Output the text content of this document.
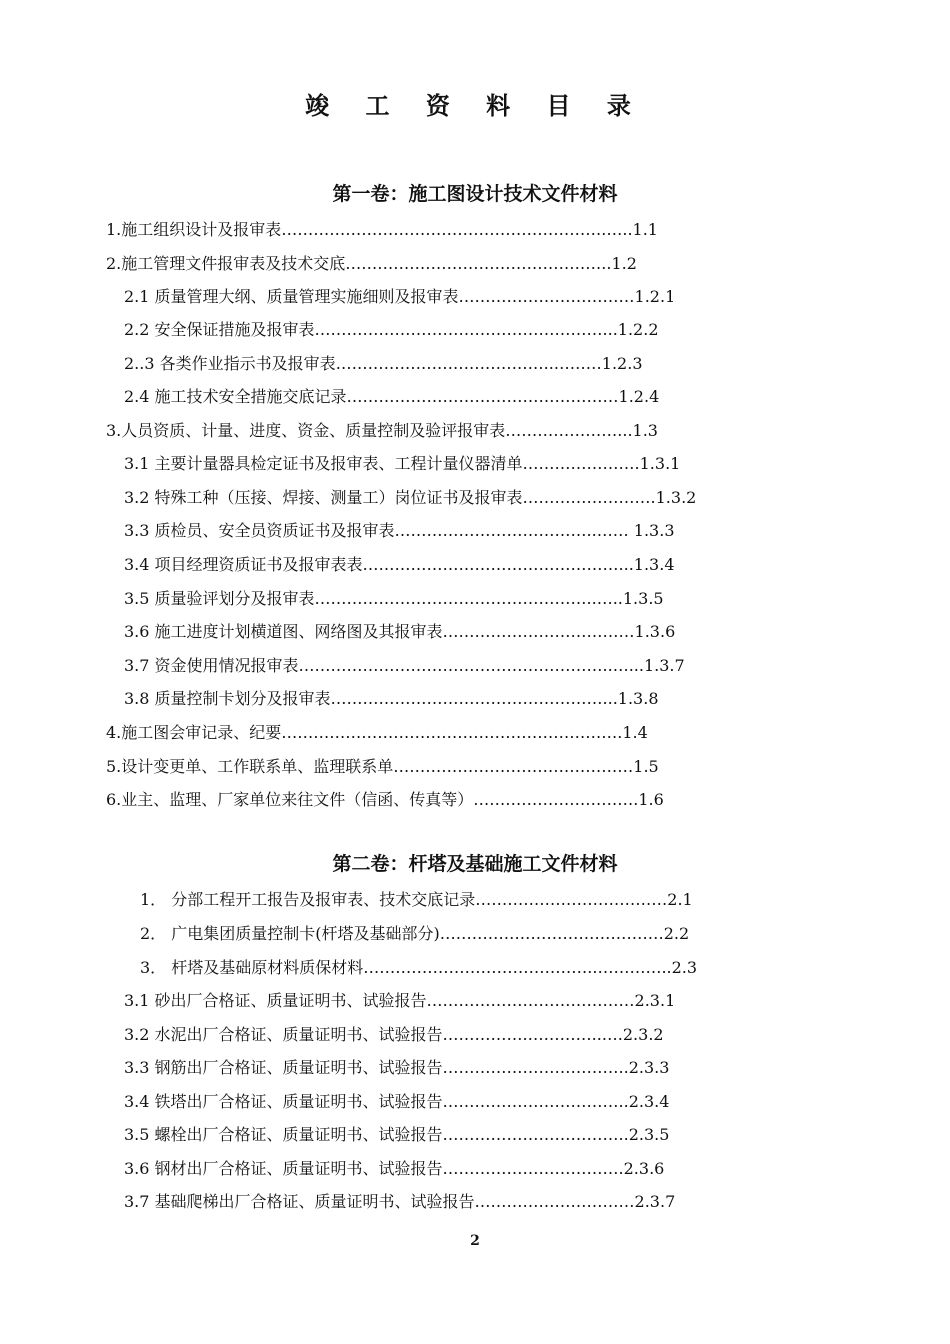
竣 工 资 料 目 录
第一卷：施工图设计技术文件材料
1.施工组织设计及报审表…………………………………………………….…..1.1
2.施工管理文件报审表及技术交底…………………………………………..1.2
2.1 质量管理大纲、质量管理实施细则及报审表……………………………1.2.1
2.2 安全保证措施及报审表………………………………………………...1.2.2
2..3 各类作业指示书及报审表…………………………………..………1.2.3
2.4 施工技术安全措施交底记录……………………………………………1.2.4
3.人员资质、计量、进度、资金、质量控制及验评报审表…………………...1.3
3.1 主要计量器具检定证书及报审表、工程计量仪器清单………………….1.3.1
3.2 特殊工种（压接、焊接、测量工）岗位证书及报审表…………………….1.3.2
3.3 质检员、安全员资质证书及报审表………………………………..…… 1.3.3
3.4 项目经理资质证书及报审表表…………………………………………...1.3.4
3.5 质量验评划分及报审表……………………………………………..…..1.3.5
3.6 施工进度计划横道图、网络图及其报审表………………………………1.3.6
3.7 资金使用情况报审表…………………………………………………..…...1.3.7
3.8 质量控制卡划分及报审表……………………………………………...1.3.8
4.施工图会审记录、纪要……………………………………………………….1.4
5.设计变更单、工作联系单、监理联系单………………………………………1.5
6.业主、监理、厂家单位来往文件（信函、传真等）………………………….1.6
第二卷：杆塔及基础施工文件材料
1． 分部工程开工报告及报审表、技术交底记录………………………………2.1
2． 广电集团质量控制卡(杆塔及基础部分)……………………………………2.2
3． 杆塔及基础原材料质保材料……………………………………..…………..2.3
3.1 砂出厂合格证、质量证明书、试验报告…………………………………2.3.1
3.2 水泥出厂合格证、质量证明书、试验报告…………….…………..….2.3.2
3.3 钢筋出厂合格证、质量证明书、试验报告……………………………..2.3.3
3.4 铁塔出厂合格证、质量证明书、试验报告……………………………..2.3.4
3.5 螺栓出厂合格证、质量证明书、试验报告……………………………..2.3.5
3.6 钢材出厂合格证、质量证明书、试验报告…………………………….2.3.6
3.7 基础爬梯出厂合格证、质量证明书、试验报告…………………………2.3.7
2
